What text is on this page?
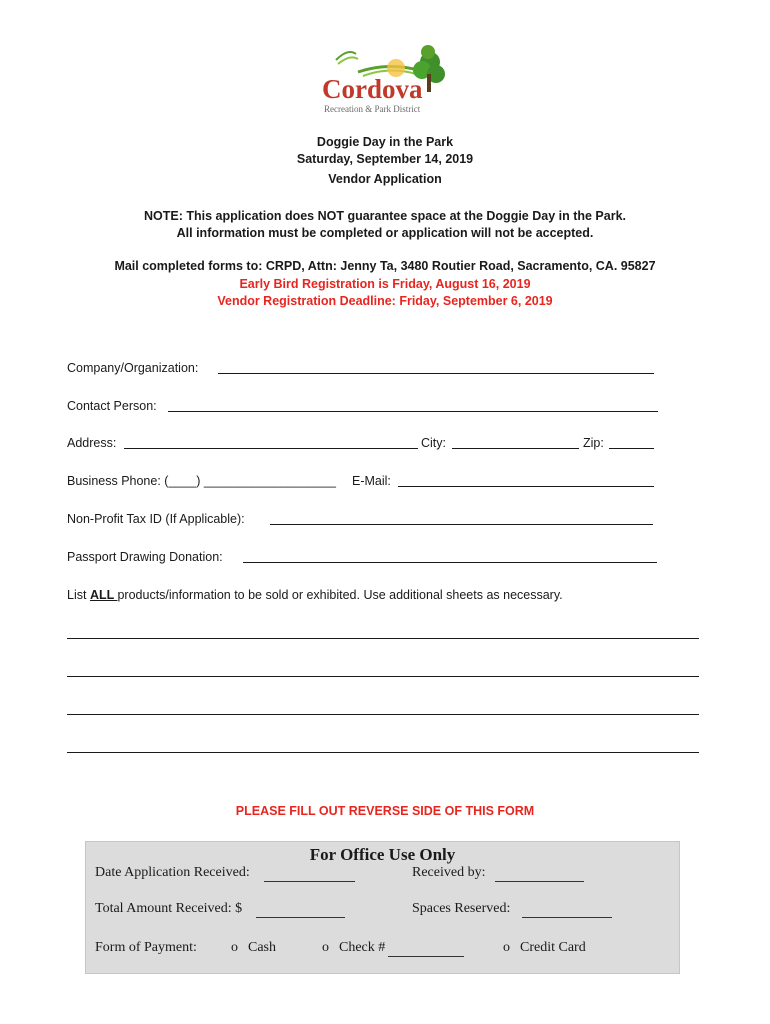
Cordova
Recreation & Park District
Doggie Day in the Park
Saturday, September 14, 2019
Vendor Application
NOTE: This application does NOT guarantee space at the Doggie Day in the Park.
All information must be completed or application will not be accepted.
Mail completed forms to: CRPD, Attn: Jenny Ta, 3480 Routier Road, Sacramento, CA. 95827
Early Bird Registration is Friday, August 16, 2019
Vendor Registration Deadline: Friday, September 6, 2019
Company/Organization:
Contact Person:
Address:	City:	Zip:
Business Phone: (____) ___________________ E-Mail:
Non-Profit Tax ID (If Applicable):
Passport Drawing Donation:
List ALL products/information to be sold or exhibited. Use additional sheets as necessary.
PLEASE FILL OUT REVERSE SIDE OF THIS FORM
For Office Use Only
Date Application Received:	Received by:
Total Amount Received: $	Spaces Reserved:
Form of Payment: o Cash	o Check #	o Credit Card
